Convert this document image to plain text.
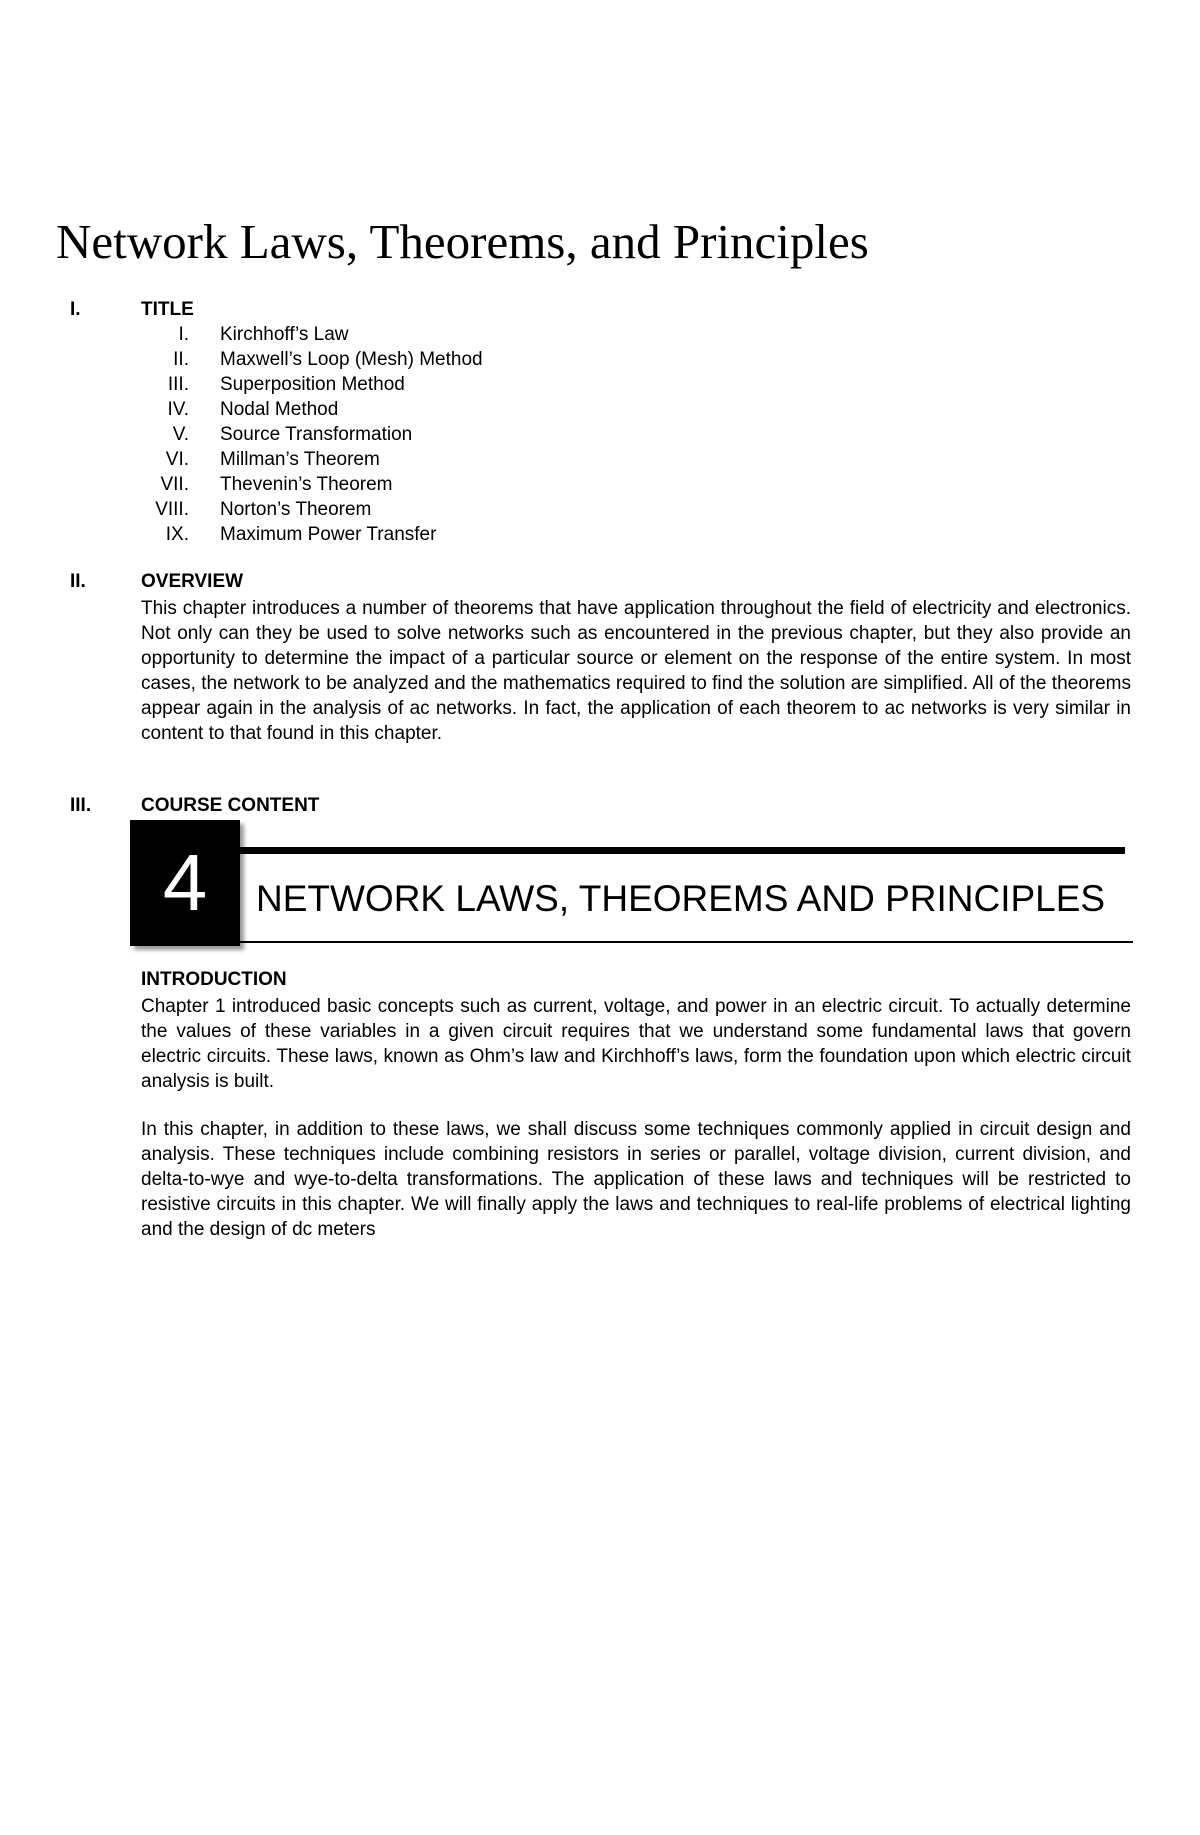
Network Laws, Theorems, and Principles
I.	TITLE
I. Kirchhoff’s Law
II. Maxwell’s Loop (Mesh) Method
III. Superposition Method
IV. Nodal Method
V. Source Transformation
VI. Millman’s Theorem
VII. Thevenin’s Theorem
VIII. Norton’s Theorem
IX. Maximum Power Transfer
II.	OVERVIEW

This chapter introduces a number of theorems that have application throughout the field of electricity and electronics. Not only can they be used to solve networks such as encountered in the previous chapter, but they also provide an opportunity to determine the impact of a particular source or element on the response of the entire system. In most cases, the network to be analyzed and the mathematics required to find the solution are simplified. All of the theorems appear again in the analysis of ac networks. In fact, the application of each theorem to ac networks is very similar in content to that found in this chapter.

III.	COURSE CONTENT
4	NETWORK LAWS, THEOREMS AND PRINCIPLES
INTRODUCTION

Chapter 1 introduced basic concepts such as current, voltage, and power in an electric circuit. To actually determine the values of these variables in a given circuit requires that we understand some fundamental laws that govern electric circuits. These laws, known as Ohm’s law and Kirchhoff’s laws, form the foundation upon which electric circuit analysis is built.

In this chapter, in addition to these laws, we shall discuss some techniques commonly applied in circuit design and analysis. These techniques include combining resistors in series or parallel, voltage division, current division, and delta-to-wye and wye-to-delta transformations. The application of these laws and techniques will be restricted to resistive circuits in this chapter. We will finally apply the laws and techniques to real-life problems of electrical lighting and the design of dc meters
